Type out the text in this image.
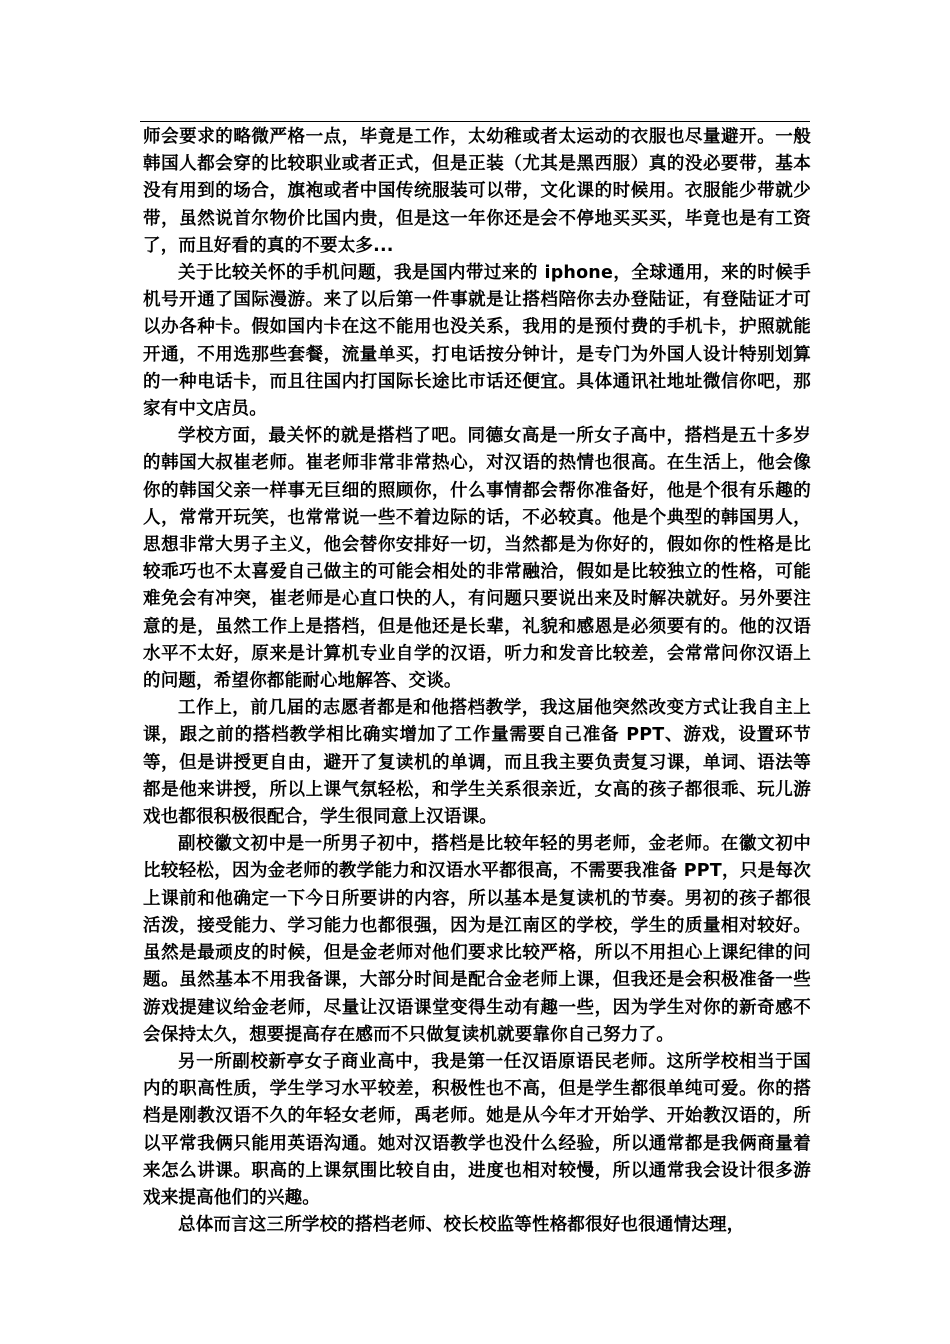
师会要求的略微严格一点，毕竟是工作，太幼稚或者太运动的衣服也尽量避开。一般韩国人都会穿的比较职业或者正式，但是正装（尤其是黑西服）真的没必要带，基本没有用到的场合，旗袍或者中国传统服装可以带，文化课的时候用。衣服能少带就少带，虽然说首尔物价比国内贵，但是这一年你还是会不停地买买买，毕竟也是有工资了，而且好看的真的不要太多...

关于比较关怀的手机问题，我是国内带过来的 iphone，全球通用，来的时候手机号开通了国际漫游。来了以后第一件事就是让搭档陪你去办登陆证，有登陆证才可以办各种卡。假如国内卡在这不能用也没关系，我用的是预付费的手机卡，护照就能开通，不用选那些套餐，流量单买，打电话按分钟计，是专门为外国人设计特别划算的一种电话卡，而且往国内打国际长途比市话还便宜。具体通讯社地址微信你吧，那家有中文店员。

学校方面，最关怀的就是搭档了吧。同德女高是一所女子高中，搭档是五十多岁的韩国大叔崔老师。崔老师非常非常热心，对汉语的热情也很高。在生活上，他会像你的韩国父亲一样事无巨细的照顾你，什么事情都会帮你准备好，他是个很有乐趣的人，常常开玩笑，也常常说一些不着边际的话，不必较真。他是个典型的韩国男人，思想非常大男子主义，他会替你安排好一切，当然都是为你好的，假如你的性格是比较乖巧也不太喜爱自己做主的可能会相处的非常融洽，假如是比较独立的性格，可能难免会有冲突，崔老师是心直口快的人，有问题只要说出来及时解决就好。另外要注意的是，虽然工作上是搭档，但是他还是长辈，礼貌和感恩是必须要有的。他的汉语水平不太好，原来是计算机专业自学的汉语，听力和发音比较差，会常常问你汉语上的问题，希望你都能耐心地解答、交谈。

工作上，前几届的志愿者都是和他搭档教学，我这届他突然改变方式让我自主上课，跟之前的搭档教学相比确实增加了工作量需要自己准备 PPT、游戏，设置环节等，但是讲授更自由，避开了复读机的单调，而且我主要负责复习课，单词、语法等都是他来讲授，所以上课气氛轻松，和学生关系很亲近，女高的孩子都很乖、玩儿游戏也都很积极很配合，学生很同意上汉语课。

副校徽文初中是一所男子初中，搭档是比较年轻的男老师，金老师。在徽文初中比较轻松，因为金老师的教学能力和汉语水平都很高，不需要我准备 PPT，只是每次上课前和他确定一下今日所要讲的内容，所以基本是复读机的节奏。男初的孩子都很活泼，接受能力、学习能力也都很强，因为是江南区的学校，学生的质量相对较好。虽然是最顽皮的时候，但是金老师对他们要求比较严格，所以不用担心上课纪律的问题。虽然基本不用我备课，大部分时间是配合金老师上课，但我还是会积极准备一些游戏提建议给金老师，尽量让汉语课堂变得生动有趣一些，因为学生对你的新奇感不会保持太久，想要提高存在感而不只做复读机就要靠你自己努力了。

另一所副校新亭女子商业高中，我是第一任汉语原语民老师。这所学校相当于国内的职高性质，学生学习水平较差，积极性也不高，但是学生都很单纯可爱。你的搭档是刚教汉语不久的年轻女老师，禹老师。她是从今年才开始学、开始教汉语的，所以平常我俩只能用英语沟通。她对汉语教学也没什么经验，所以通常都是我俩商量着来怎么讲课。职高的上课氛围比较自由，进度也相对较慢，所以通常我会设计很多游戏来提高他们的兴趣。

总体而言这三所学校的搭档老师、校长校监等性格都很好也很通情达理，
